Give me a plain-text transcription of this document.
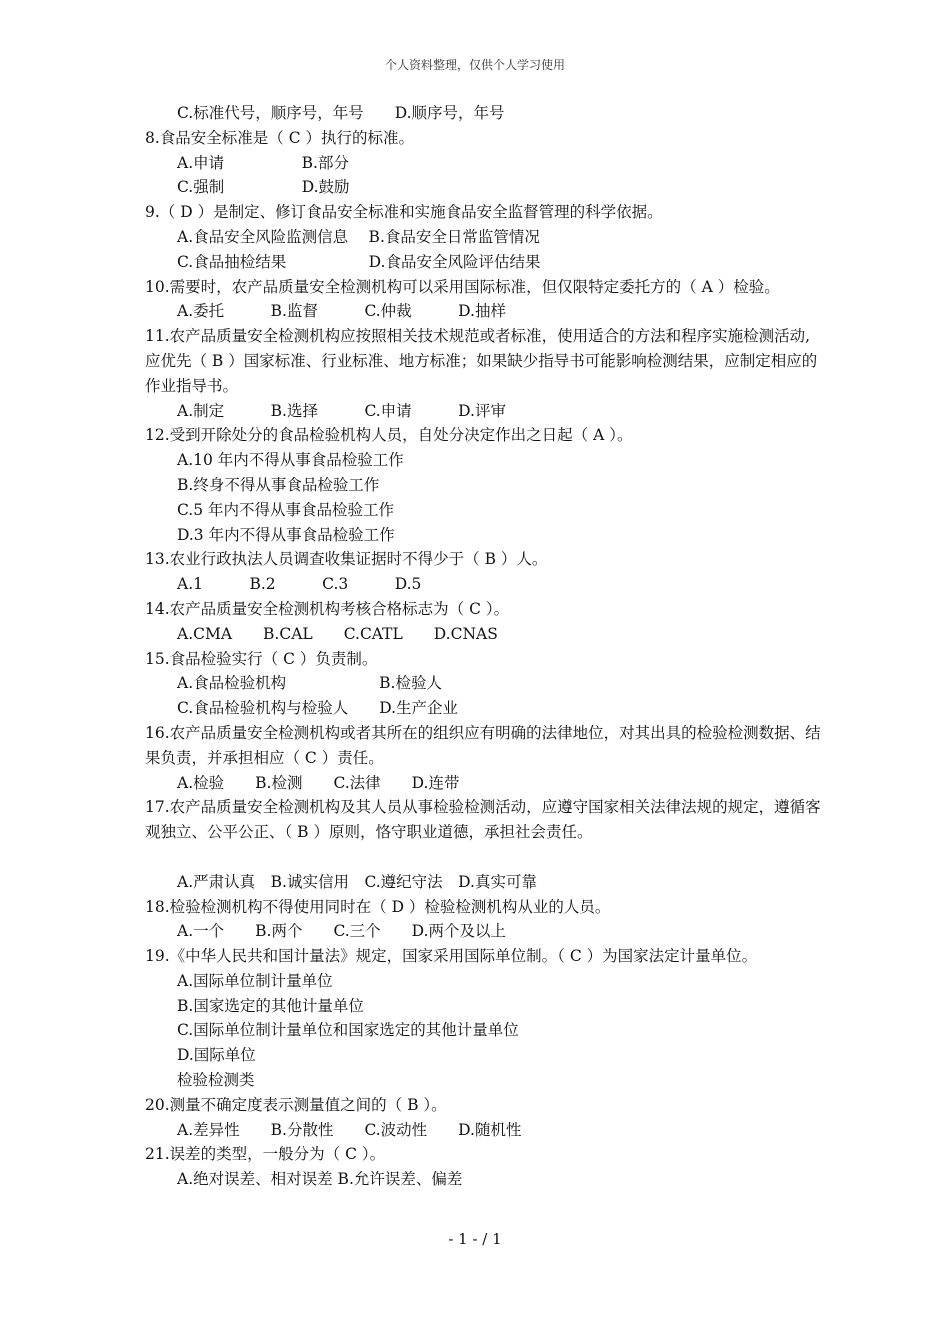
个人资料整理，仅供个人学习使用
C.标准代号，顺序号，年号　　D.顺序号，年号
8.食品安全标准是（ C ）执行的标准。
A.申请　　　　　B.部分
C.强制　　　　　D.鼓励
9.（ D ）是制定、修订食品安全标准和实施食品安全监督管理的科学依据。
A.食品安全风险监测信息　 B.食品安全日常监管情况
C.食品抽检结果　　　　　 D.食品安全风险评估结果
10.需要时，农产品质量安全检测机构可以采用国际标准，但仅限特定委托方的（ A ）检验。
A.委托　　　B.监督　　　C.仲裁　　　D.抽样
11.农产品质量安全检测机构应按照相关技术规范或者标准，使用适合的方法和程序实施检测活动,应优先（ B ）国家标准、行业标准、地方标准；如果缺少指导书可能影响检测结果，应制定相应的作业指导书。
A.制定　　　B.选择　　　C.申请　　　D.评审
12.受到开除处分的食品检验机构人员，自处分决定作出之日起（ A ）。
A.10 年内不得从事食品检验工作
B.终身不得从事食品检验工作
C.5 年内不得从事食品检验工作
D.3 年内不得从事食品检验工作
13.农业行政执法人员调查收集证据时不得少于（ B ）人。
A.1　　　B.2　　　C.3　　　D.5
14.农产品质量安全检测机构考核合格标志为（ C ）。
A.CMA　　B.CAL　　C.CATL　　D.CNAS
15.食品检验实行（ C ）负责制。
A.食品检验机构　　　　　　B.检验人
C.食品检验机构与检验人　　D.生产企业
16.农产品质量安全检测机构或者其所在的组织应有明确的法律地位，对其出具的检验检测数据、结果负责，并承担相应（ C ）责任。
A.检验　　B.检测　　C.法律　　D.连带
17.农产品质量安全检测机构及其人员从事检验检测活动，应遵守国家相关法律法规的规定，遵循客观独立、公平公正、（ B ）原则，恪守职业道德，承担社会责任。
A.严肃认真　B.诚实信用　C.遵纪守法　D.真实可靠
18.检验检测机构不得使用同时在（ D ）检验检测机构从业的人员。
A.一个　　B.两个　　C.三个　　D.两个及以上
19.《中华人民共和国计量法》规定，国家采用国际单位制。（ C ）为国家法定计量单位。
A.国际单位制计量单位
B.国家选定的其他计量单位
C.国际单位制计量单位和国家选定的其他计量单位
D.国际单位
检验检测类
20.测量不确定度表示测量值之间的（ B ）。
A.差异性　　B.分散性　　C.波动性　　D.随机性
21.误差的类型，一般分为（ C ）。
A.绝对误差、相对误差 B.允许误差、偏差
- 1 - / 1
